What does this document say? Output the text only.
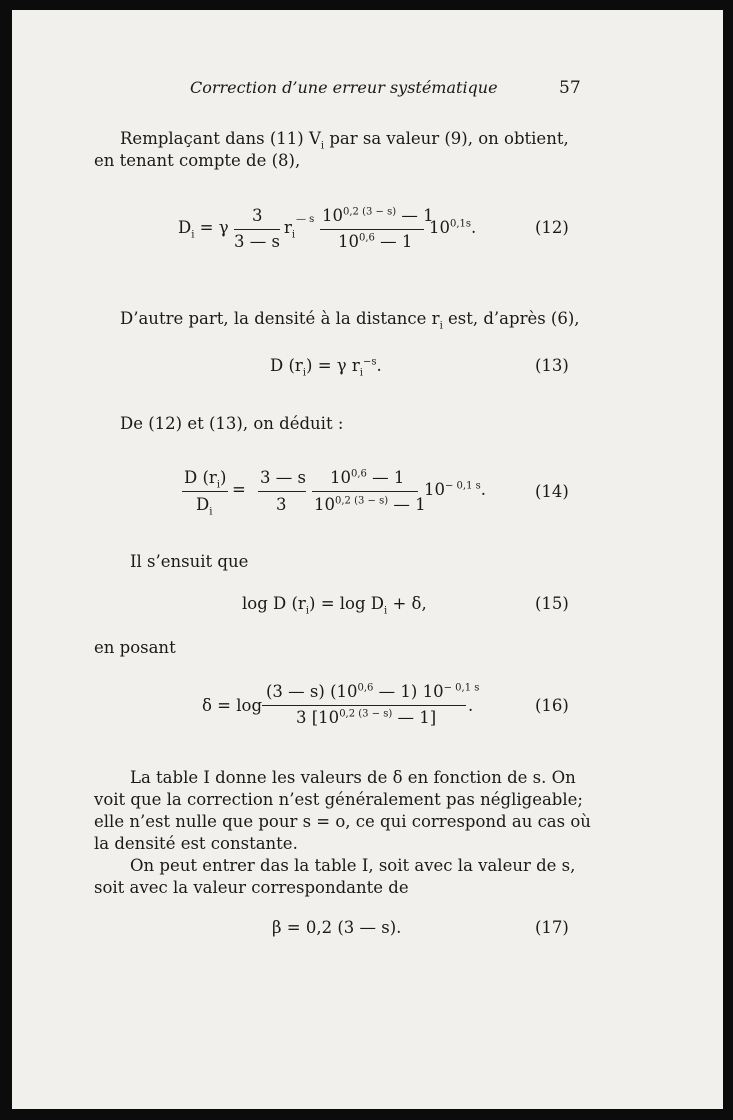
Correction d’une erreur systématique	57
Remplaçant dans (11) $V_i$ par sa valeur (9), on obtient,
en tenant compte de (8),
$D_i = \gamma$
3
3 — s
$r_i$
— s $10^{0,2 (3 - s)}$ — 1
10$^{0,6}$ — 1
$10^{0,1s}$.	(12)
D’autre part, la densité à la distance $r_i$ est, d’après (6),
D $(r_i) = \gamma$ $r_i^{-s}$.	(13)
De (12) et (13), on déduit :
D $(r_i)$
$D_i$
=
3 — s
3
10$^{0,6}$ — 1
$10^{0,2 (3 - s)}$ — 1
$10^{- 0,1 s}$.	(14)
Il s’ensuit que
log D $(r_i) = \log D_i + \delta$,	(15)
en posant
δ = log
(3 — s) (10$^{0,6}$ — 1) $10^{- 0,1 s}$
3 [$10^{0,2 (3 - s)}$ — 1]
.	(16)
La table I donne les valeurs de δ en fonction de s. On
voit que la correction n’est généralement pas négligeable;
elle n’est nulle que pour s = o, ce qui correspond au cas où
la densité est constante.
On peut entrer das la table I, soit avec la valeur de s,
soit avec la valeur correspondante de
β = 0,2 (3 — s).	(17)
